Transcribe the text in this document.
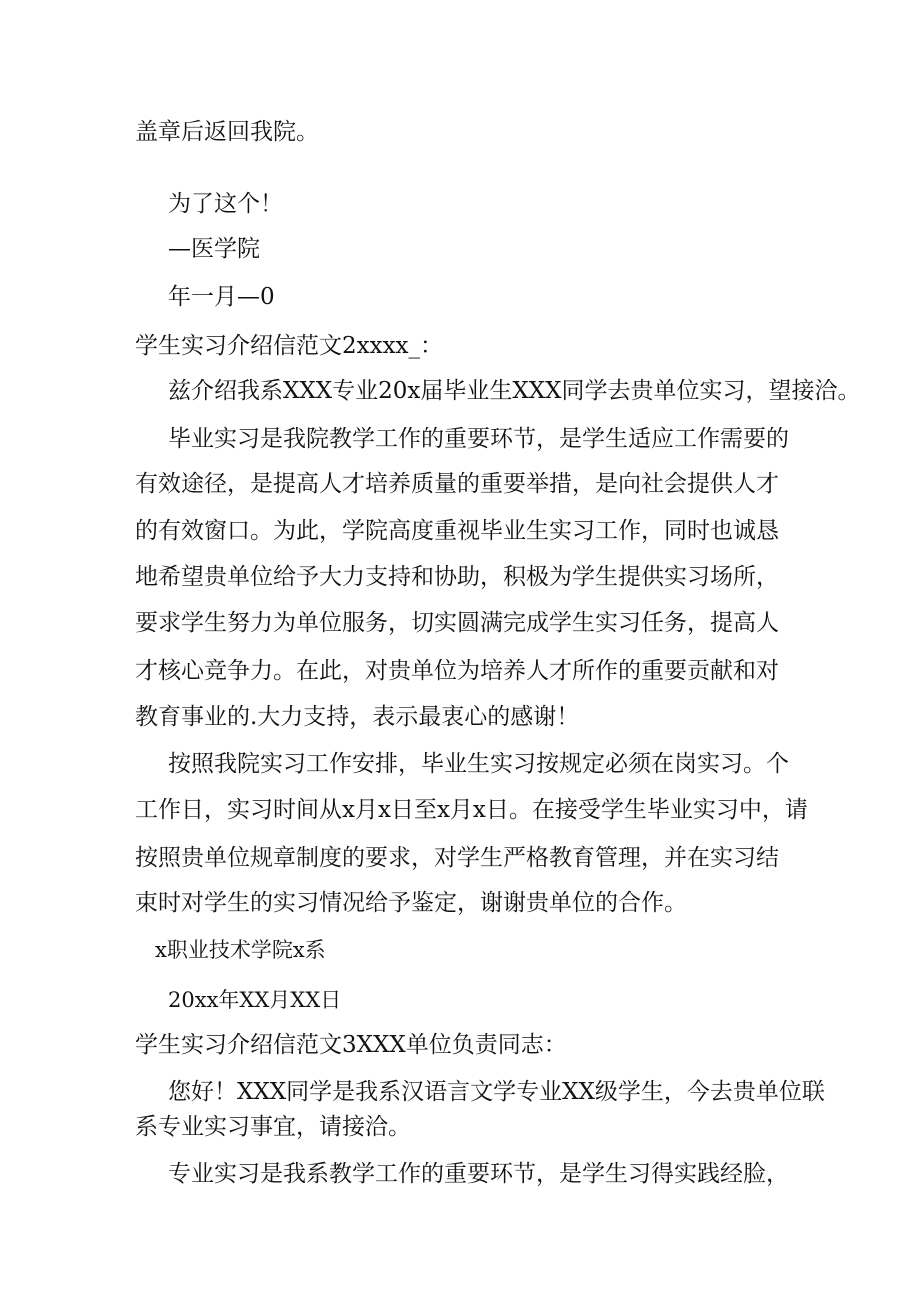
盖章后返回我院。
为了这个！
—医学院
年一月—0
学生实习介绍信范文2xxxx_：
兹介绍我系XXX专业20x届毕业生XXX同学去贵单位实习，望接洽。
毕业实习是我院教学工作的重要环节，是学生适应工作需要的
有效途径，是提高人才培养质量的重要举措，是向社会提供人才
的有效窗口。为此，学院高度重视毕业生实习工作，同时也诚恳
地希望贵单位给予大力支持和协助，积极为学生提供实习场所，
要求学生努力为单位服务，切实圆满完成学生实习任务，提高人
才核心竞争力。在此，对贵单位为培养人才所作的重要贡献和对
教育事业的.大力支持，表示最衷心的感谢！
按照我院实习工作安排，毕业生实习按规定必须在岗实习。个
工作日，实习时间从x月x日至x月x日。在接受学生毕业实习中，请
按照贵单位规章制度的要求，对学生严格教育管理，并在实习结
束时对学生的实习情况给予鉴定，谢谢贵单位的合作。
x职业技术学院x系
20xx年XX月XX日
学生实习介绍信范文3XXX单位负责同志：
您好！XXX同学是我系汉语言文学专业XX级学生，今去贵单位联
系专业实习事宜，请接洽。
专业实习是我系教学工作的重要环节，是学生习得实践经脸，
